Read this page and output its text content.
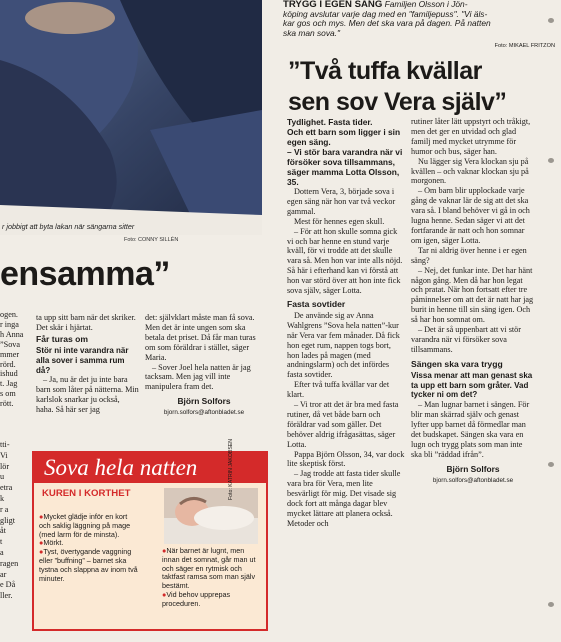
r jobbigt att byta lakan när sängarna sitter
Foto: CONNY SILLÉN
TRYGG I EGEN SÄNG Familjen Olsson i Jön-
köping avslutar varje dag med en "familjepuss". "Vi äls-
kar gos och mys. Men det ska vara på dagen. På natten
ska man sova."
Foto: MIKAEL FRITZON
”Två tuffa kvällar
sen sov Vera själv”
ensamma”
ogen.
r inga
h Anna
”Sova
mmer
rörd.
ishud
t. Jag
s om
rött.
tti-
Vi
lör
u
etra
k
r a
gligt
åt
t
a
ragen
ar
e Då
ller.

ta upp sitt barn när det skriker. Det skär i hjärtat.

Får turas om

Stör ni inte varandra när alla sover i samma rum då?

– Ja, nu är det ju inte bara barn som låter på nätterna. Min karlslok snarkar ju också, haha. Så här ser jag

det: självklart måste man få sova. Men det är inte ungen som ska betala det priset. Då får man turas om som föräldrar i stället, säger Maria.

– Sover Joel hela natten är jag tacksam. Men jag vill inte manipulera fram det.

Björn Solfors
bjorn.solfors@aftonbladet.se
Sova hela natten
KUREN I KORTHET
●Mycket glädje inför en kort och saklig läggning på mage (med larm för de minsta).
●Mörkt.
●Tyst, övertygande vaggning eller ”buffning” – barnet ska tystna och slappna av inom två minuter.
●När barnet är lugnt, men innan det somnat, går man ut och säger en rytmisk och taktfast ramsa som man själv bestämt.
●Vid behov upprepas proceduren.
Foto: KATRIN JAKOBSEN
Tydlighet. Fasta tider.
Och ett barn som ligger i sin egen säng.
– Vi stör bara varandra när vi försöker sova tillsammans, säger mamma Lotta Olsson, 35.

Dottern Vera, 3, började sova i egen säng när hon var två veckor gammal.

Mest för hennes egen skull.

– För att hon skulle somna gick vi och bar henne en stund varje kväll, för vi trodde att det skulle vara så. Men hon var inte alls nöjd. Så här i efterhand kan vi förstå att hon var störd över att hon inte fick sova själv, säger Lotta.

Fasta sovtider

De använde sig av Anna Wahlgrens ”Sova hela natten”-kur när Vera var fem månader. Då fick hon eget rum, nappen togs bort, hon lades på magen (med andningslarm) och det infördes fasta sovtider.

Efter två tuffa kvällar var det klart.

– Vi tror att det är bra med fasta rutiner, då vet både barn och föräldrar vad som gäller. Det behöver aldrig ifrågasättas, säger Lotta.

Pappa Björn Olsson, 34, var dock lite skeptisk först.

– Jag trodde att fasta tider skulle vara bra för Vera, men lite besvärligt för mig. Det visade sig dock fort att många dagar blev mycket lättare att planera också. Metoder och

rutiner låter lätt uppstyrt och tråkigt, men det ger en utvidad och glad familj med mycket utrymme för humor och bus, säger han.

Nu lägger sig Vera klockan sju på kvällen – och vaknar klockan sju på morgonen.

– Om barn blir upplockade varje gång de vaknar lär de sig att det ska vara så. I bland behöver vi gå in och lugna henne. Sedan säger vi att det fortfarande är natt och hon somnar om igen, säger Lotta.

Tar ni aldrig över henne i er egen säng?

– Nej, det funkar inte. Det har hänt någon gång. Men då har hon legat och pratat. När hon fortsatt efter tre påminnelser om att det är natt har jag burit in henne till sin säng igen. Och så har hon somnat om.

– Det är så uppenbart att vi stör varandra när vi försöker sova tillsammans.

Sängen ska vara trygg

Vissa menar att man genast ska ta upp ett barn som gråter. Vad tycker ni om det?

– Man lugnar barnet i sängen. För blir man skärrad själv och genast lyfter upp barnet då förmedlar man det budskapet. Sängen ska vara en lugn och trygg plats som man inte ska bli ”räddad ifrån”.

Björn Solfors
bjorn.solfors@aftonbladet.se
